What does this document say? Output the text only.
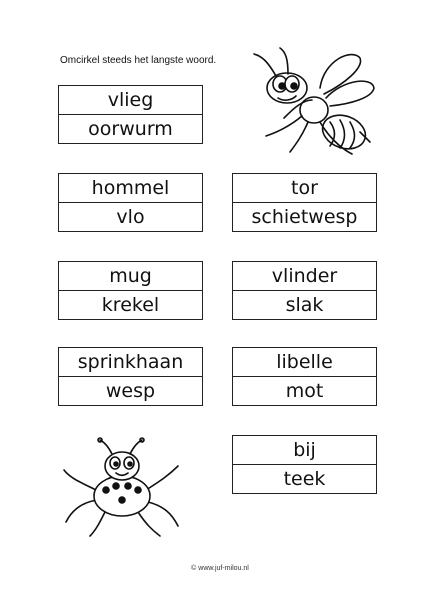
Omcirkel steeds het langste woord.
vlieg
oorwurm
hommel
vlo
tor
schietwesp
mug
krekel
vlinder
slak
sprinkhaan
wesp
libelle
mot
bij
teek
© www.juf-milou.nl
